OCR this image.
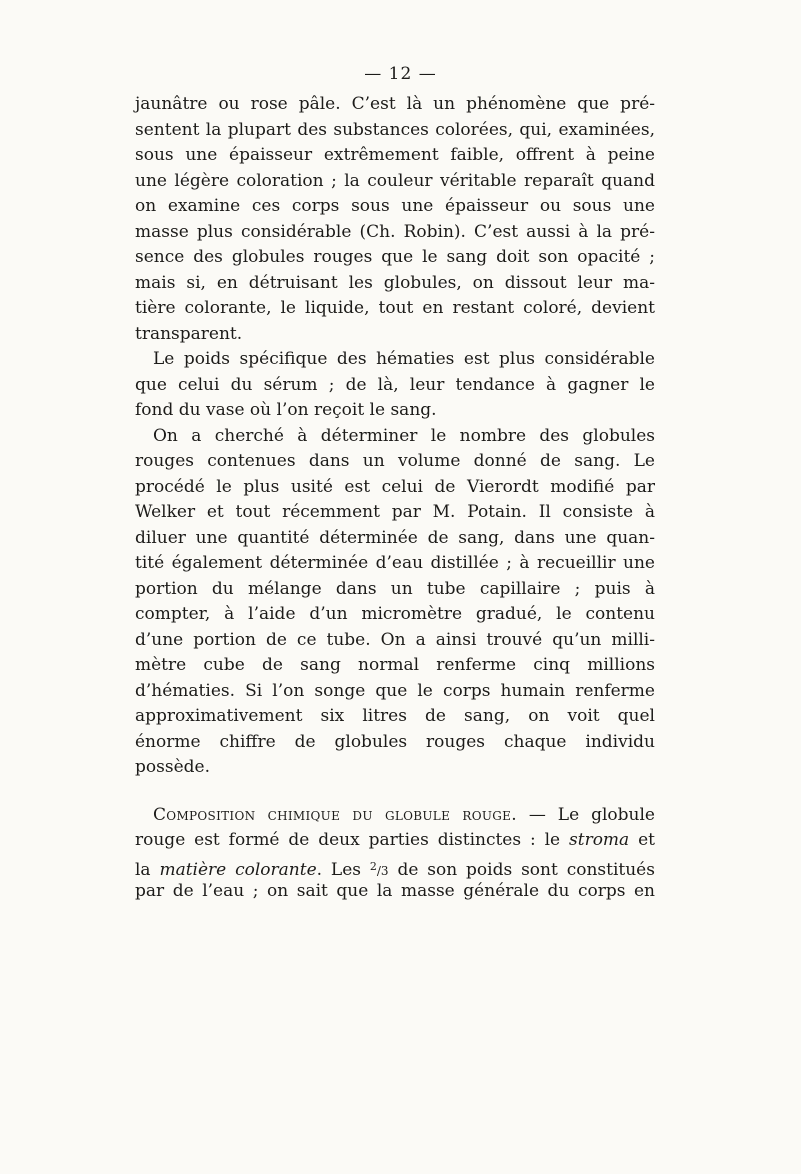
— 12 —
jaunâtre ou rose pâle. C’est là un phénomène que pré-
sentent la plupart des substances colorées, qui, examinées,
sous une épaisseur extrêmement faible, offrent à peine
une légère coloration ; la couleur véritable reparaît quand
on examine ces corps sous une épaisseur ou sous une
masse plus considérable (Ch. Robin). C’est aussi à la pré-
sence des globules rouges que le sang doit son opacité ;
mais si, en détruisant les globules, on dissout leur ma-
tière colorante, le liquide, tout en restant coloré, devient
transparent.
Le poids spécifique des hématies est plus considérable
que celui du sérum ; de là, leur tendance à gagner le
fond du vase où l’on reçoit le sang.
On a cherché à déterminer le nombre des globules
rouges contenues dans un volume donné de sang. Le
procédé le plus usité est celui de Vierordt modifié par
Welker et tout récemment par M. Potain. Il consiste à
diluer une quantité déterminée de sang, dans une quan-
tité également déterminée d’eau distillée ; à recueillir une
portion du mélange dans un tube capillaire ; puis à
compter, à l’aide d’un micromètre gradué, le contenu
d’une portion de ce tube. On a ainsi trouvé qu’un milli-
mètre cube de sang normal renferme cinq millions
d’hématies. Si l’on songe que le corps humain renferme
approximativement six litres de sang, on voit quel
énorme chiffre de globules rouges chaque individu
possède.
Composition chimique du globule rouge. — Le globule
rouge est formé de deux parties distinctes : le stroma et
la matière colorante. Les $^2$/3 de son poids sont constitués
par de l’eau ; on sait que la masse générale du corps en
